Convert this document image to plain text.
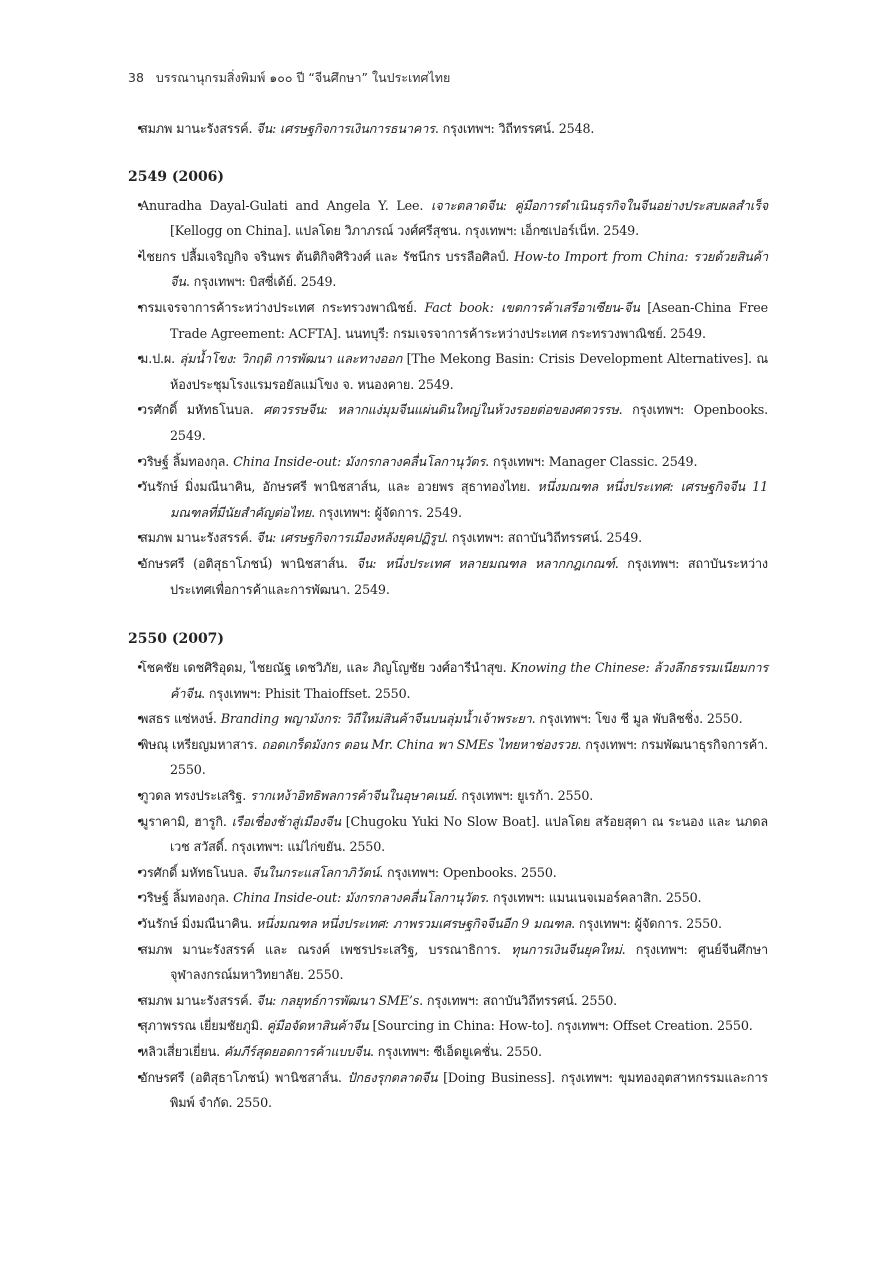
38 บรรณานุกรมสิ่งพิมพ์ ๑๐๐ ปี “จีนศึกษา” ในประเทศไทย
• สมภพ มานะรังสรรค์. จีน: เศรษฐกิจการเงินการธนาคาร. กรุงเทพฯ: วิถีทรรศน์. 2548.
2549 (2006)
• Anuradha Dayal-Gulati and Angela Y. Lee. เจาะตลาดจีน: คู่มือการดำเนินธุรกิจในจีนอย่างประสบผลสำเร็จ [Kellogg on China]. แปลโดย วิภาภรณ์ วงศ์ศรีสุชน. กรุงเทพฯ: เอ็กซเปอร์เน็ท. 2549.
• ไชยกร ปลื้มเจริญกิจ จรินพร ต้นติกิจศิริวงศ์ และ รัชนีกร บรรลือศิลป์. How-to Import from China: รวยด้วยสินค้าจีน. กรุงเทพฯ: บิสซี่เด้ย์. 2549.
• กรมเจรจาการค้าระหว่างประเทศ กระทรวงพาณิชย์. Fact book: เขตการค้าเสรีอาเซียน-จีน [Asean-China Free Trade Agreement: ACFTA]. นนทบุรี: กรมเจรจาการค้าระหว่างประเทศ กระทรวงพาณิชย์. 2549.
• ม.ป.ผ. ลุ่มน้ำโขง: วิกฤติ การพัฒนา และทางออก [The Mekong Basin: Crisis Development Alternatives]. ณ ห้องประชุมโรงแรมรอยัลแม่โขง จ. หนองคาย. 2549.
• วรศักดิ์ มหัทธโนบล. ศตวรรษจีน: หลากแง่มุมจีนแผ่นดินใหญ่ในห้วงรอยต่อของศตวรรษ. กรุงเทพฯ: Openbooks. 2549.
• วริษฐ์ ลิ้มทองกุล. China Inside-out: มังกรกลางคลื่นโลกานุวัตร. กรุงเทพฯ: Manager Classic. 2549.
• วันรักษ์ มิ่งมณีนาคิน, อักษรศรี พานิชสาส์น, และ อวยพร สุธาทองไทย. หนึ่งมณฑล หนึ่งประเทศ: เศรษฐกิจจีน 11 มณฑลที่มีนัยสำคัญต่อไทย. กรุงเทพฯ: ผู้จัดการ. 2549.
• สมภพ มานะรังสรรค์. จีน: เศรษฐกิจการเมืองหลังยุคปฏิรูป. กรุงเทพฯ: สถาบันวิถีทรรศน์. 2549.
• อักษรศรี (อติสุธาโภชน์) พานิชสาส์น. จีน: หนึ่งประเทศ หลายมณฑล หลากกฎเกณฑ์. กรุงเทพฯ: สถาบันระหว่างประเทศเพื่อการค้าและการพัฒนา. 2549.
2550 (2007)
• โชคชัย เดชศิริอุดม, ไชยณัฐ เดชวิภัย, และ ภิญโญชัย วงศ์อารีนำสุข. Knowing the Chinese: ล้วงลึกธรรมเนียมการค้าจีน. กรุงเทพฯ: Phisit Thaioffset. 2550.
• พสธร แซ่หงษ์. Branding พญามังกร: วิถีใหม่สินค้าจีนบนลุ่มน้ำเจ้าพระยา. กรุงเทพฯ: โขง ชี มูล พับลิชชิ่ง. 2550.
• พิษณุ เหรียญมหาสาร. ถอดเกร็ดมังกร ตอน Mr. China พา SMEs ไทยหาช่องรวย. กรุงเทพฯ: กรมพัฒนาธุรกิจการค้า. 2550.
• ภูวดล ทรงประเสริฐ. รากเหง้าอิทธิพลการค้าจีนในอุษาคเนย์. กรุงเทพฯ: ยูเรก้า. 2550.
• มูราคามิ, ฮารูกิ. เรือเชื่องช้าสู่เมืองจีน [Chugoku Yuki No Slow Boat]. แปลโดย สร้อยสุดา ณ ระนอง และ นภดลเวช สวัสดิ์. กรุงเทพฯ: แม่ไก่ขยัน. 2550.
• วรศักดิ์ มหัทธโนบล. จีนในกระแสโลกาภิวัตน์. กรุงเทพฯ: Openbooks. 2550.
• วริษฐ์ ลิ้มทองกุล. China Inside-out: มังกรกลางคลื่นโลกานุวัตร. กรุงเทพฯ: แมนเนจเมอร์คลาสิก. 2550.
• วันรักษ์ มิ่งมณีนาคิน. หนึ่งมณฑล หนึ่งประเทศ: ภาพรวมเศรษฐกิจจีนอีก 9 มณฑล. กรุงเทพฯ: ผู้จัดการ. 2550.
• สมภพ มานะรังสรรค์ และ ณรงค์ เพชรประเสริฐ, บรรณาธิการ. ทุนการเงินจีนยุคใหม่. กรุงเทพฯ: ศูนย์จีนศึกษา จุฬาลงกรณ์มหาวิทยาลัย. 2550.
• สมภพ มานะรังสรรค์. จีน: กลยุทธ์การพัฒนา SME’s. กรุงเทพฯ: สถาบันวิถีทรรศน์. 2550.
• สุภาพรรณ เยี่ยมชัยภูมิ. คู่มือจัดหาสินค้าจีน [Sourcing in China: How-to]. กรุงเทพฯ: Offset Creation. 2550.
• หลิวเสี่ยวเยี่ยน. คัมภีร์สุดยอดการค้าแบบจีน. กรุงเทพฯ: ซีเอ็ดยูเคชั่น. 2550.
• อักษรศรี (อติสุธาโภชน์) พานิชสาส์น. ปักธงรุกตลาดจีน [Doing Business]. กรุงเทพฯ: ขุมทองอุตสาหกรรมและการพิมพ์ จำกัด. 2550.
